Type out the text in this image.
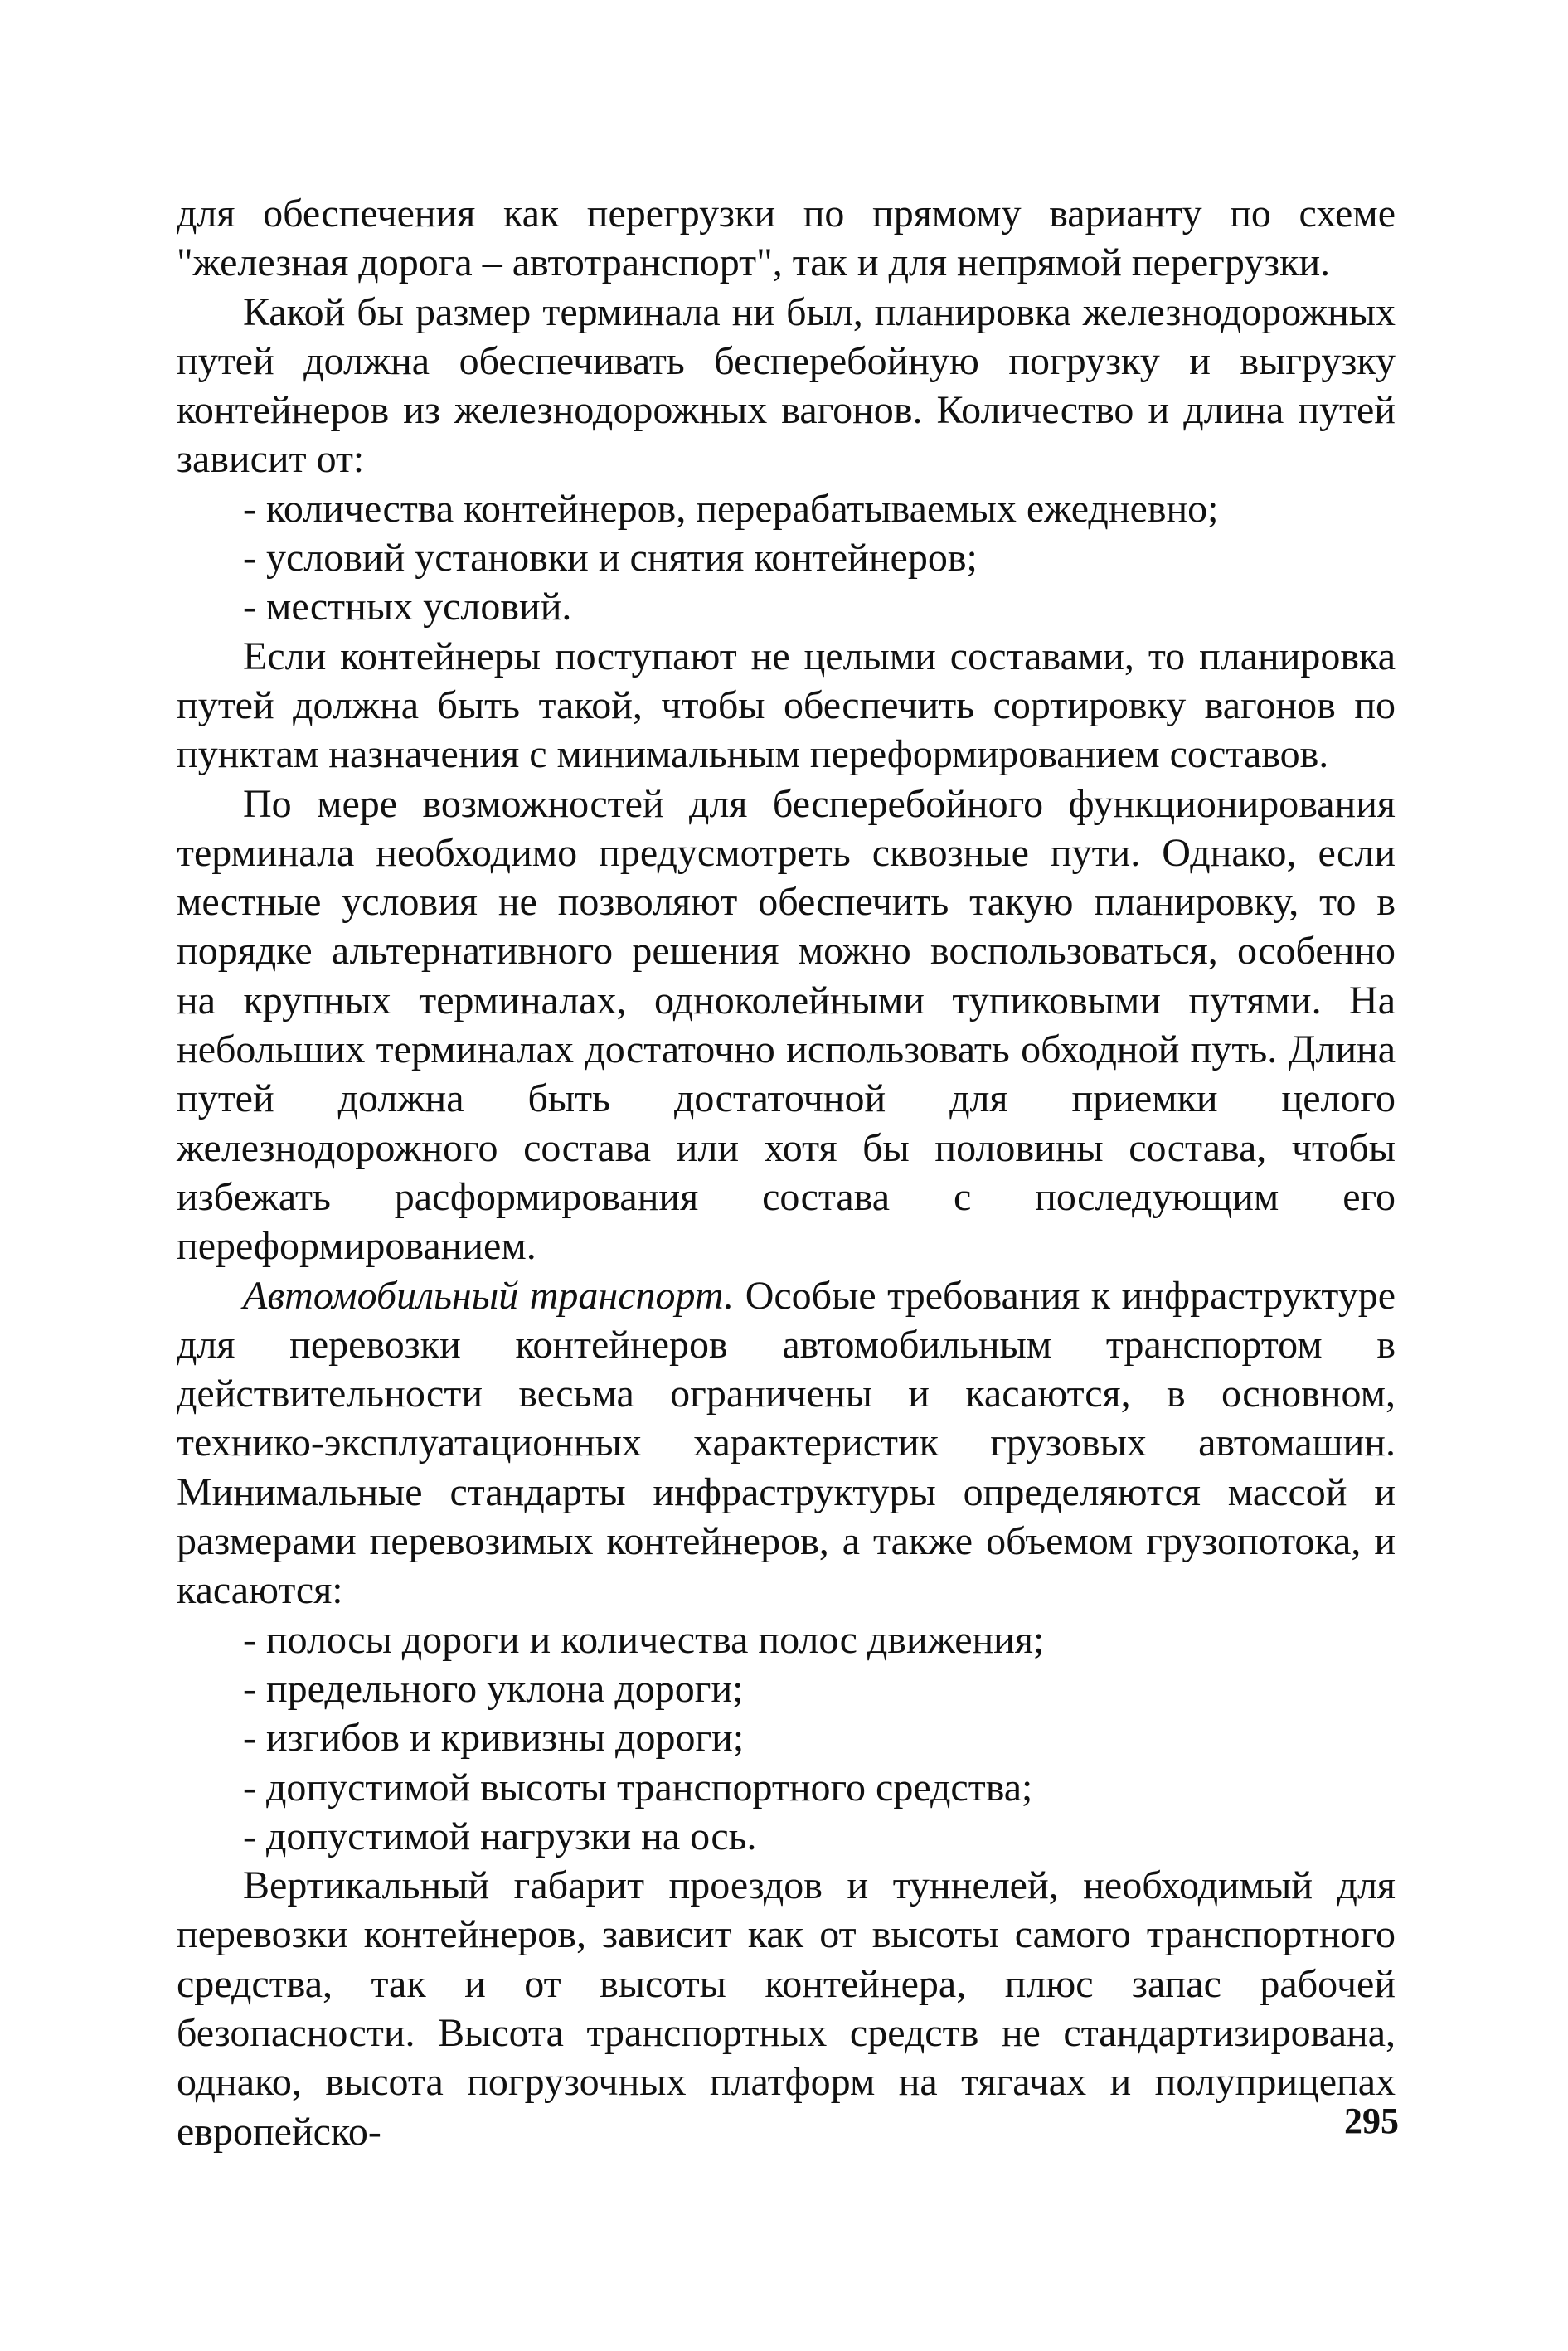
для обеспечения как перегрузки по прямому варианту по схеме "железная дорога – автотранспорт", так и для непрямой перегрузки.

Какой бы размер терминала ни был, планировка железнодорожных путей должна обеспечивать бесперебойную погрузку и выгрузку контейнеров из железнодорожных вагонов. Количество и длина путей зависит от:

- количества контейнеров, перерабатываемых ежедневно;
- условий установки и снятия контейнеров;
- местных условий.

Если контейнеры поступают не целыми составами, то планировка путей должна быть такой, чтобы обеспечить сортировку вагонов по пунктам назначения с минимальным переформированием составов.

По мере возможностей для бесперебойного функционирования терминала необходимо предусмотреть сквозные пути. Однако, если местные условия не позволяют обеспечить такую планировку, то в порядке альтернативного решения можно воспользоваться, особенно на крупных терминалах, одноколейными тупиковыми путями. На небольших терминалах достаточно использовать обходной путь. Длина путей должна быть достаточной для приемки целого железнодорожного состава или хотя бы половины состава, чтобы избежать расформирования состава с последующим его переформированием.

Автомобильный транспорт. Особые требования к инфраструктуре для перевозки контейнеров автомобильным транспортом в действительности весьма ограничены и касаются, в основном, технико-эксплуатационных характеристик грузовых автомашин. Минимальные стандарты инфраструктуры определяются массой и размерами перевозимых контейнеров, а также объемом грузопотока, и касаются:

- полосы дороги и количества полос движения;
- предельного уклона дороги;
- изгибов и кривизны дороги;
- допустимой высоты транспортного средства;
- допустимой нагрузки на ось.

Вертикальный габарит проездов и туннелей, необходимый для перевозки контейнеров, зависит как от высоты самого транспортного средства, так и от высоты контейнера, плюс запас рабочей безопасности. Высота транспортных средств не стандартизирована, однако, высота погрузочных платформ на тягачах и полуприцепах европейско-	295
